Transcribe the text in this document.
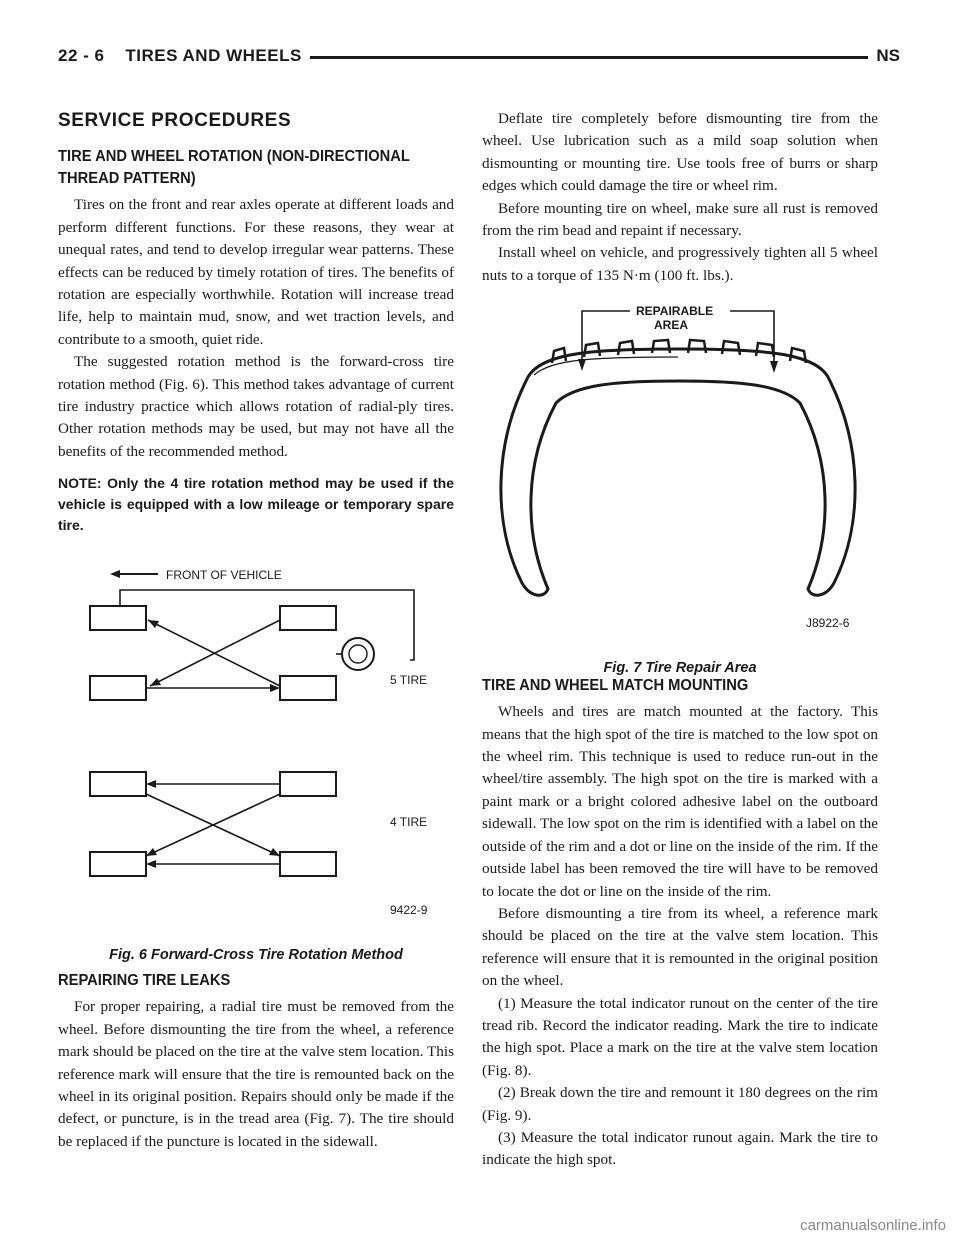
22 - 6    TIRES AND WHEELS	NS
SERVICE PROCEDURES
TIRE AND WHEEL ROTATION (NON-DIRECTIONAL THREAD PATTERN)

Tires on the front and rear axles operate at different loads and perform different functions. For these reasons, they wear at unequal rates, and tend to develop irregular wear patterns. These effects can be reduced by timely rotation of tires. The benefits of rotation are especially worthwhile. Rotation will increase tread life, help to maintain mud, snow, and wet traction levels, and contribute to a smooth, quiet ride.

The suggested rotation method is the forward-cross tire rotation method (Fig. 6). This method takes advantage of current tire industry practice which allows rotation of radial-ply tires. Other rotation methods may be used, but may not have all the benefits of the recommended method.

NOTE: Only the 4 tire rotation method may be used if the vehicle is equipped with a low mileage or temporary spare tire.

FRONT OF VEHICLE
5 TIRE
4 TIRE
9422-9
Fig. 6 Forward-Cross Tire Rotation Method
REPAIRING TIRE LEAKS

For proper repairing, a radial tire must be removed from the wheel. Before dismounting the tire from the wheel, a reference mark should be placed on the tire at the valve stem location. This reference mark will ensure that the tire is remounted back on the wheel in its original position. Repairs should only be made if the defect, or puncture, is in the tread area (Fig. 7). The tire should be replaced if the puncture is located in the sidewall.

Deflate tire completely before dismounting tire from the wheel. Use lubrication such as a mild soap solution when dismounting or mounting tire. Use tools free of burrs or sharp edges which could damage the tire or wheel rim.

Before mounting tire on wheel, make sure all rust is removed from the rim bead and repaint if necessary.

Install wheel on vehicle, and progressively tighten all 5 wheel nuts to a torque of 135 N·m (100 ft. lbs.).

REPAIRABLE
AREA
J8922-6
Fig. 7 Tire Repair Area
TIRE AND WHEEL MATCH MOUNTING

Wheels and tires are match mounted at the factory. This means that the high spot of the tire is matched to the low spot on the wheel rim. This technique is used to reduce run-out in the wheel/tire assembly. The high spot on the tire is marked with a paint mark or a bright colored adhesive label on the outboard sidewall. The low spot on the rim is identified with a label on the outside of the rim and a dot or line on the inside of the rim. If the outside label has been removed the tire will have to be removed to locate the dot or line on the inside of the rim.

Before dismounting a tire from its wheel, a reference mark should be placed on the tire at the valve stem location. This reference will ensure that it is remounted in the original position on the wheel.

(1) Measure the total indicator runout on the center of the tire tread rib. Record the indicator reading. Mark the tire to indicate the high spot. Place a mark on the tire at the valve stem location (Fig. 8).

(2) Break down the tire and remount it 180 degrees on the rim (Fig. 9).

(3) Measure the total indicator runout again. Mark the tire to indicate the high spot.

carmanualsonline.info
